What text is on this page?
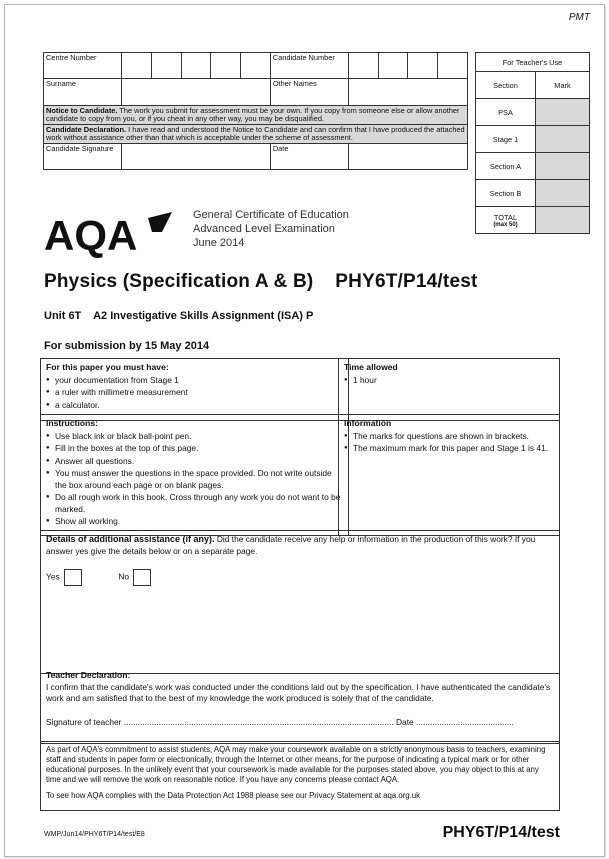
PMT
Centre Number						Candidate Number				
Surname						Other Names				
Notice to Candidate. The work you submit for assessment must be your own. If you copy from someone else or allow another candidate to copy from you, or if you cheat in any other way, you may be disqualified.										
Candidate Declaration. I have read and understood the Notice to Candidate and can confirm that I have produced the attached work without assistance other than that which is acceptable under the scheme of assessment.										
Candidate Signature						Date				
For Teacher's Use	
Section	Mark
PSA	
Stage 1	
Section A	
Section B	

TOTAL
(max 50)	

AQA	General Certificate of Education
Advanced Level Examination
June 2014
Physics (Specification A & B)    PHY6T/P14/test
Unit 6T    A2 Investigative Skills Assignment (ISA) P
For submission by 15 May 2014
For this paper you must have:
● your documentation from Stage 1
● a ruler with millimetre measurement
● a calculator.
Time allowed
● 1 hour
Instructions:
● Use black ink or black ball-point pen.
● Fill in the boxes at the top of this page.
● Answer all questions.
● You must answer the questions in the space provided. Do not write outside the box around each page or on blank pages.
● Do all rough work in this book. Cross through any work you do not want to be marked.
● Show all working.
Information
● The marks for questions are shown in brackets.
● The maximum mark for this paper and Stage 1 is 41.
Details of additional assistance (if any). Did the candidate receive any help or information in the production of this work? If you answer yes give the details below or on a separate page.
Yes	No
Teacher Declaration:
I confirm that the candidate's work was conducted under the conditions laid out by the specification. I have authenticated the candidate's work and am satisfied that to the best of my knowledge the work produced is solely that of the candidate.
Signature of teacher .................................................................................................................... Date ..........................................
As part of AQA's commitment to assist students, AQA may make your coursework available on a strictly anonymous basis to teachers, examining staff and students in paper form or electronically, through the Internet or other means, for the purpose of indicating a typical mark or for other educational purposes. In the unlikely event that your coursework is made available for the purposes stated above, you may object to this at any time and we will remove the work on reasonable notice. If you have any concerns please contact AQA.
To see how AQA complies with the Data Protection Act 1988 please see our Privacy Statement at aqa.org.uk
WMP/Jun14/PHY6T/P14/test/E8	PHY6T/P14/test
